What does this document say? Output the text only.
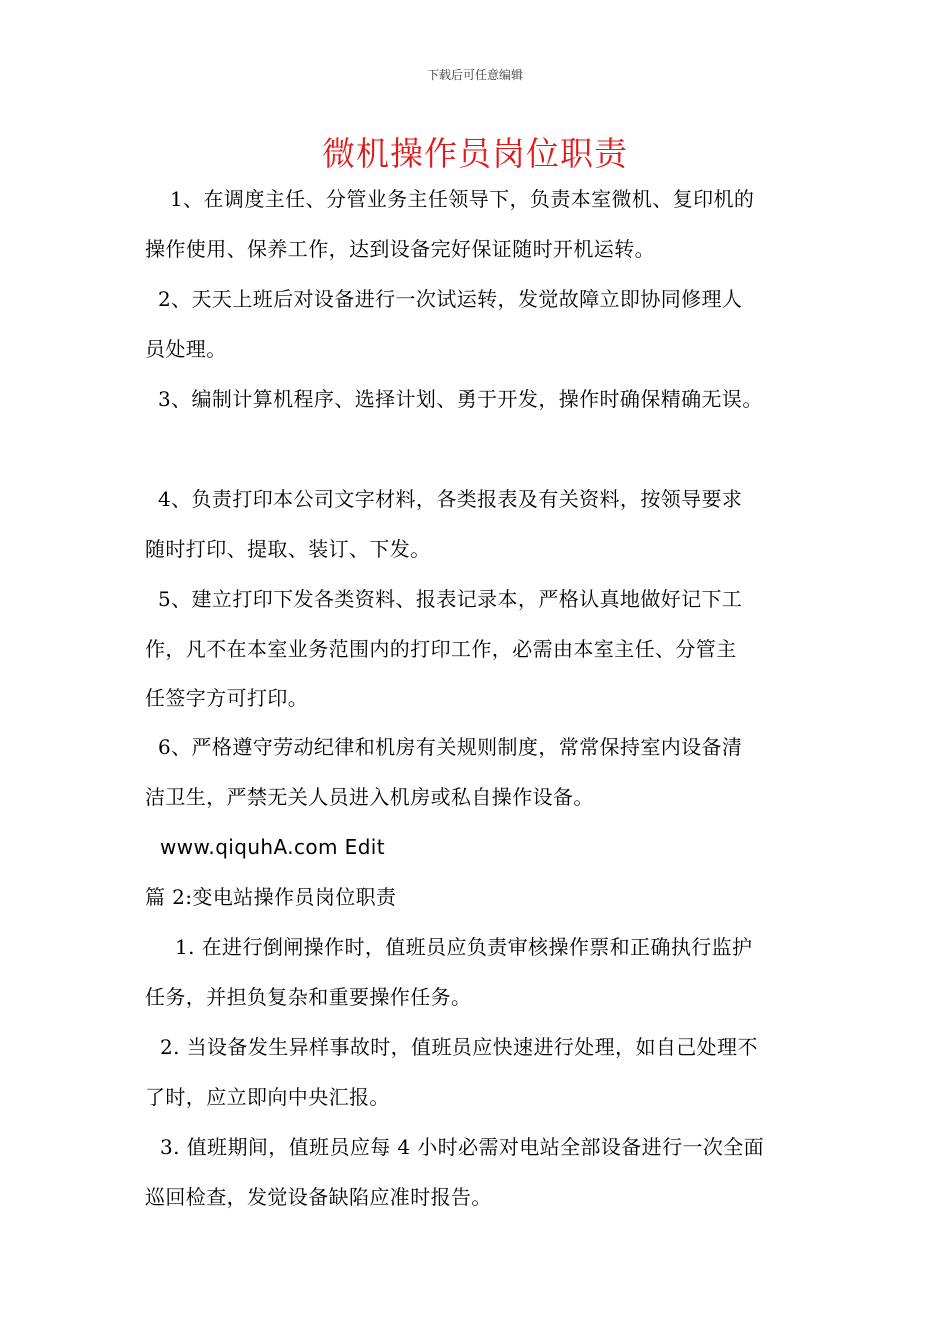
下载后可任意编辑
微机操作员岗位职责
1、在调度主任、分管业务主任领导下，负责本室微机、复印机的
操作使用、保养工作，达到设备完好保证随时开机运转。
2、天天上班后对设备进行一次试运转，发觉故障立即协同修理人
员处理。
3、编制计算机程序、选择计划、勇于开发，操作时确保精确无误。
4、负责打印本公司文字材料，各类报表及有关资料，按领导要求
随时打印、提取、装订、下发。
5、建立打印下发各类资料、报表记录本，严格认真地做好记下工
作，凡不在本室业务范围内的打印工作，必需由本室主任、分管主
任签字方可打印。
6、严格遵守劳动纪律和机房有关规则制度，常常保持室内设备清
洁卫生，严禁无关人员进入机房或私自操作设备。
www.qiquhA.com Edit
篇 2:变电站操作员岗位职责
1. 在进行倒闸操作时，值班员应负责审核操作票和正确执行监护
任务，并担负复杂和重要操作任务。
2. 当设备发生异样事故时，值班员应快速进行处理，如自己处理不
了时，应立即向中央汇报。
3. 值班期间，值班员应每 4 小时必需对电站全部设备进行一次全面
巡回检查，发觉设备缺陷应准时报告。
